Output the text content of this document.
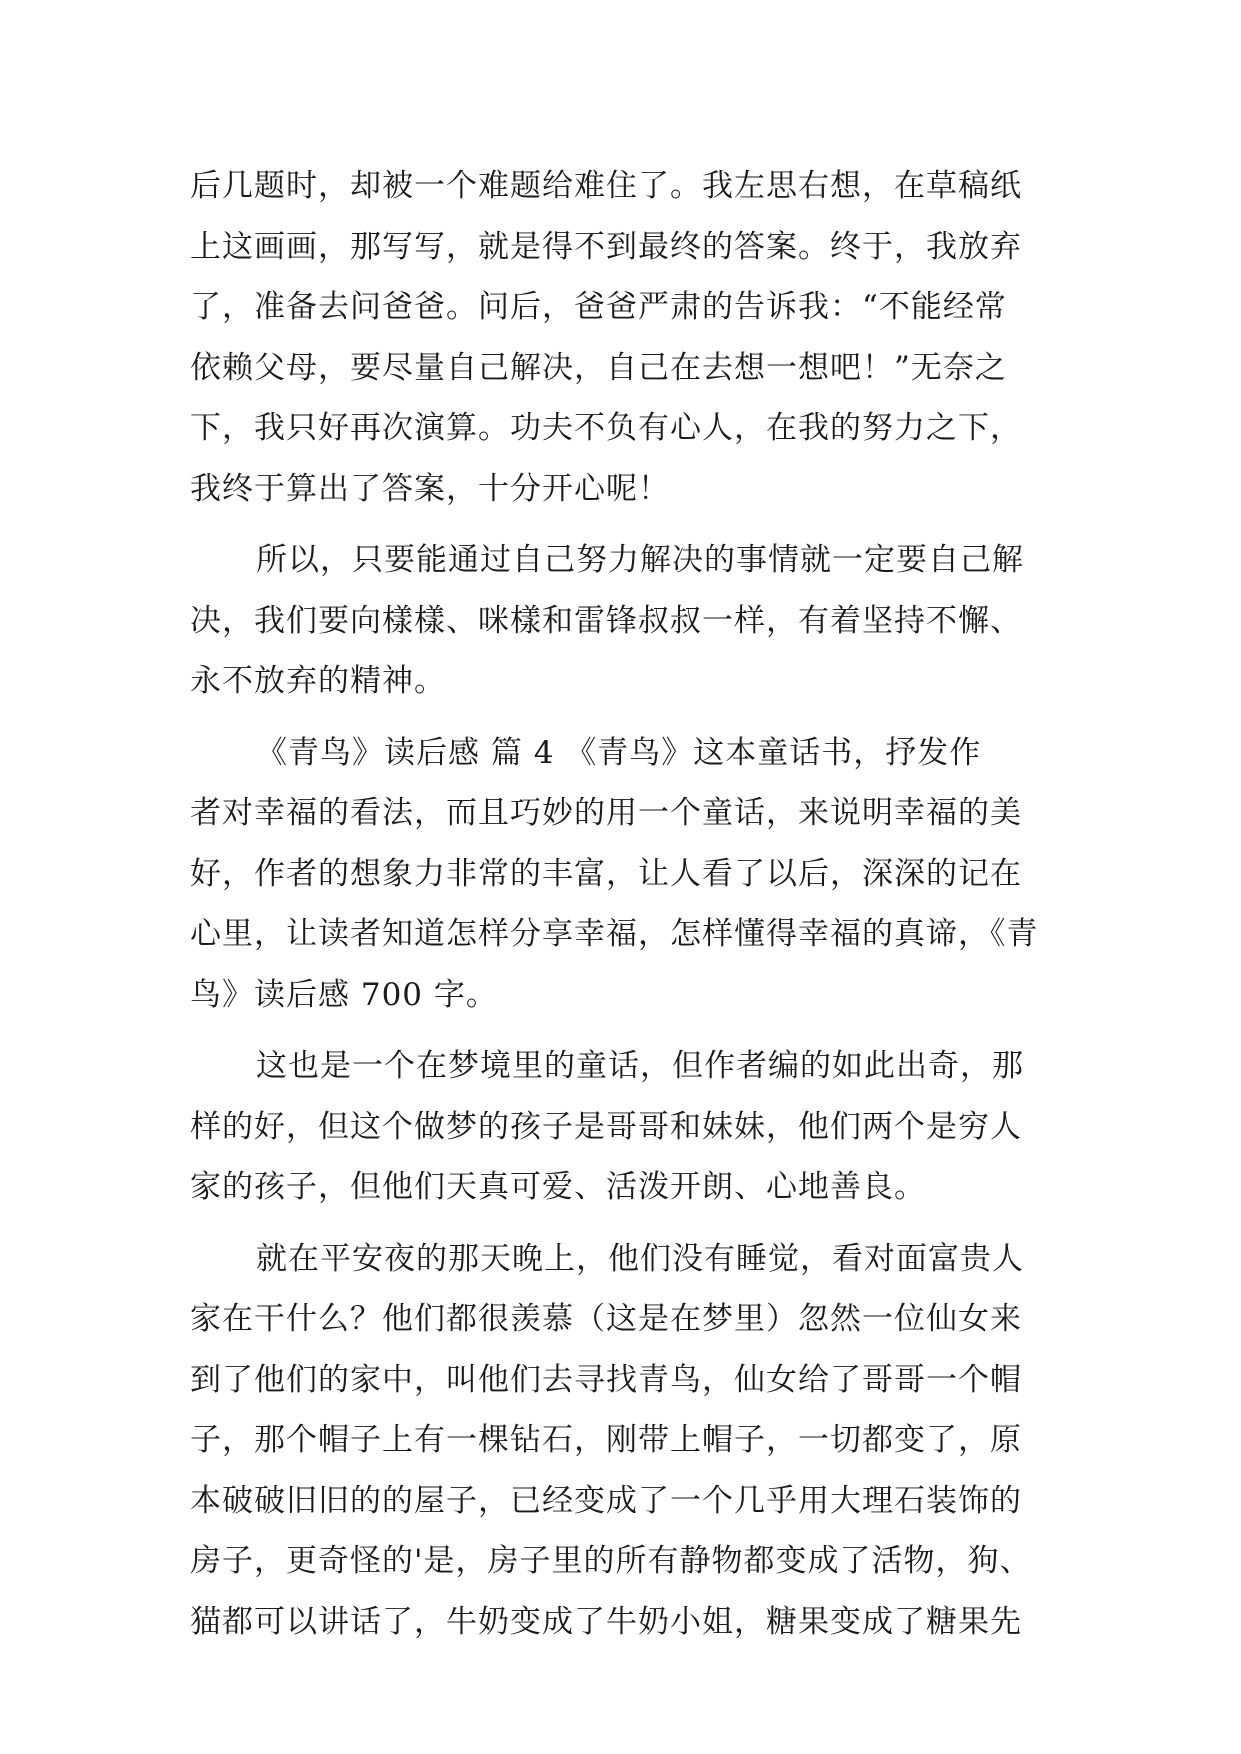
后几题时，却被一个难题给难住了。我左思右想，在草稿纸
上这画画，那写写，就是得不到最终的答案。终于，我放弃
了，准备去问爸爸。问后，爸爸严肃的告诉我：“不能经常
依赖父母，要尽量自己解决，自己在去想一想吧！”无奈之
下，我只好再次演算。功夫不负有心人，在我的努力之下，
我终于算出了答案，十分开心呢！
所以，只要能通过自己努力解决的事情就一定要自己解
决，我们要向樣樣、咪樣和雷锋叔叔一样，有着坚持不懈、
永不放弃的精神。
《青鸟》读后感 篇 4 《青鸟》这本童话书，抒发作
者对幸福的看法，而且巧妙的用一个童话，来说明幸福的美
好，作者的想象力非常的丰富，让人看了以后，深深的记在
心里，让读者知道怎样分享幸福，怎样懂得幸福的真谛，《青
鸟》读后感 700 字。
这也是一个在梦境里的童话，但作者编的如此出奇，那
样的好，但这个做梦的孩子是哥哥和妹妹，他们两个是穷人
家的孩子，但他们天真可爱、活泼开朗、心地善良。
就在平安夜的那天晚上，他们没有睡觉，看对面富贵人
家在干什么？他们都很羡慕（这是在梦里）忽然一位仙女来
到了他们的家中，叫他们去寻找青鸟，仙女给了哥哥一个帽
子，那个帽子上有一棵钻石，刚带上帽子，一切都变了，原
本破破旧旧的的屋子，已经变成了一个几乎用大理石装饰的
房子，更奇怪的'是，房子里的所有静物都变成了活物，狗、
猫都可以讲话了，牛奶变成了牛奶小姐，糖果变成了糖果先
